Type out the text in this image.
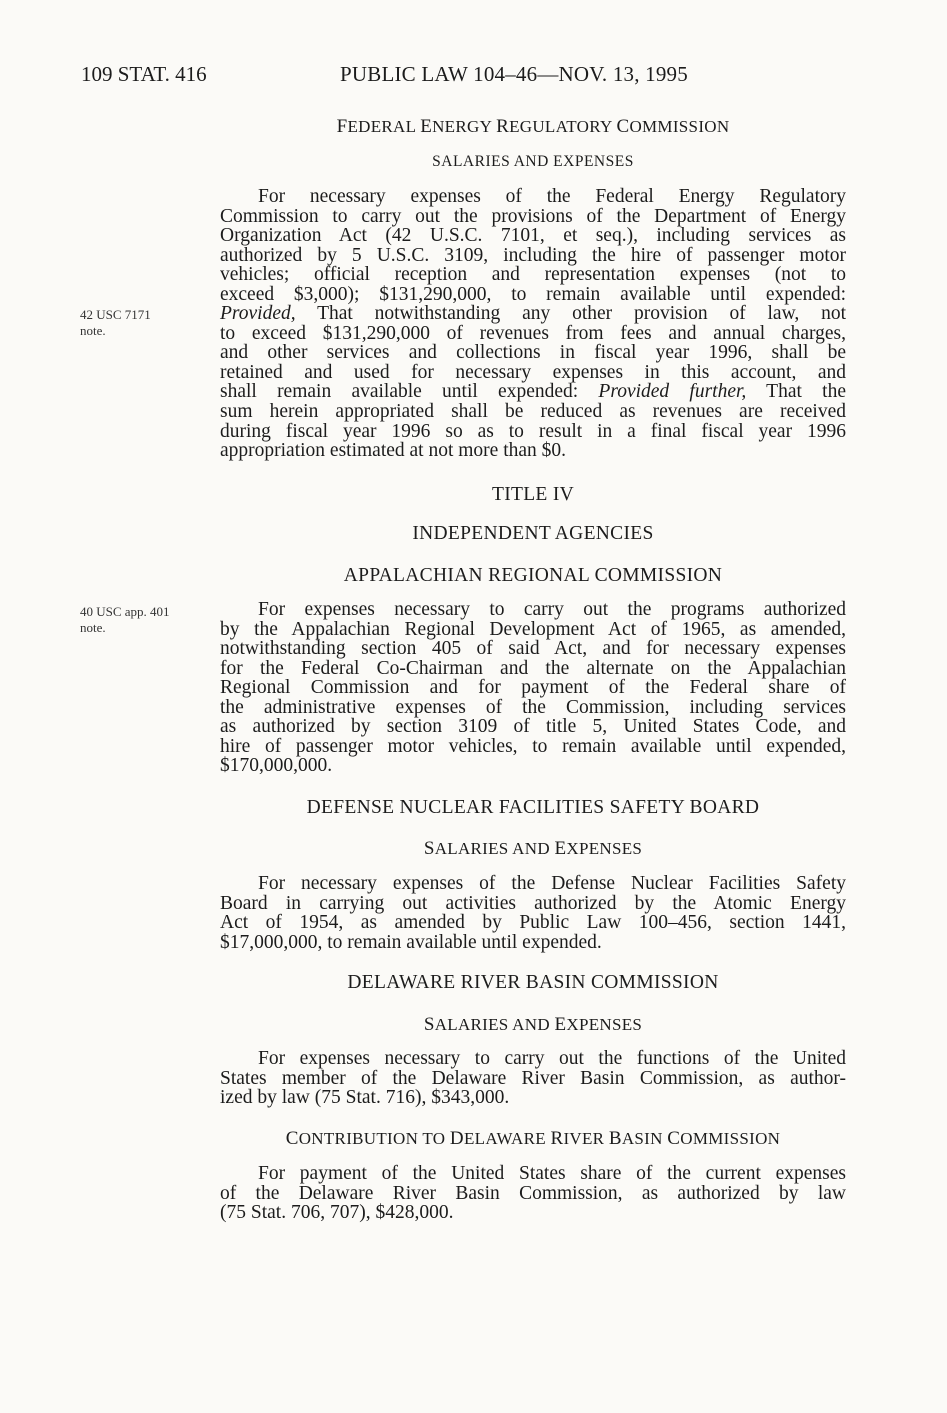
109 STAT. 416	PUBLIC LAW 104–46—NOV. 13, 1995
FEDERAL ENERGY REGULATORY COMMISSION
SALARIES AND EXPENSES
For necessary expenses of the Federal Energy Regulatory
Commission to carry out the provisions of the Department of Energy
Organization Act (42 U.S.C. 7101, et seq.), including services as
authorized by 5 U.S.C. 3109, including the hire of passenger motor
vehicles; official reception and representation expenses (not to
exceed $3,000); $131,290,000, to remain available until expended:
Provided, That notwithstanding any other provision of law, not
to exceed $131,290,000 of revenues from fees and annual charges,
and other services and collections in fiscal year 1996, shall be
retained and used for necessary expenses in this account, and
shall remain available until expended: Provided further, That the
sum herein appropriated shall be reduced as revenues are received
during fiscal year 1996 so as to result in a final fiscal year 1996
appropriation estimated at not more than $0.
42 USC 7171
note.
TITLE IV
INDEPENDENT AGENCIES
APPALACHIAN REGIONAL COMMISSION
For expenses necessary to carry out the programs authorized
by the Appalachian Regional Development Act of 1965, as amended,
notwithstanding section 405 of said Act, and for necessary expenses
for the Federal Co-Chairman and the alternate on the Appalachian
Regional Commission and for payment of the Federal share of
the administrative expenses of the Commission, including services
as authorized by section 3109 of title 5, United States Code, and
hire of passenger motor vehicles, to remain available until expended,
$170,000,000.
40 USC app. 401
note.
DEFENSE NUCLEAR FACILITIES SAFETY BOARD
SALARIES AND EXPENSES
For necessary expenses of the Defense Nuclear Facilities Safety
Board in carrying out activities authorized by the Atomic Energy
Act of 1954, as amended by Public Law 100–456, section 1441,
$17,000,000, to remain available until expended.
DELAWARE RIVER BASIN COMMISSION
SALARIES AND EXPENSES
For expenses necessary to carry out the functions of the United
States member of the Delaware River Basin Commission, as author-
ized by law (75 Stat. 716), $343,000.
CONTRIBUTION TO DELAWARE RIVER BASIN COMMISSION
For payment of the United States share of the current expenses
of the Delaware River Basin Commission, as authorized by law
(75 Stat. 706, 707), $428,000.
